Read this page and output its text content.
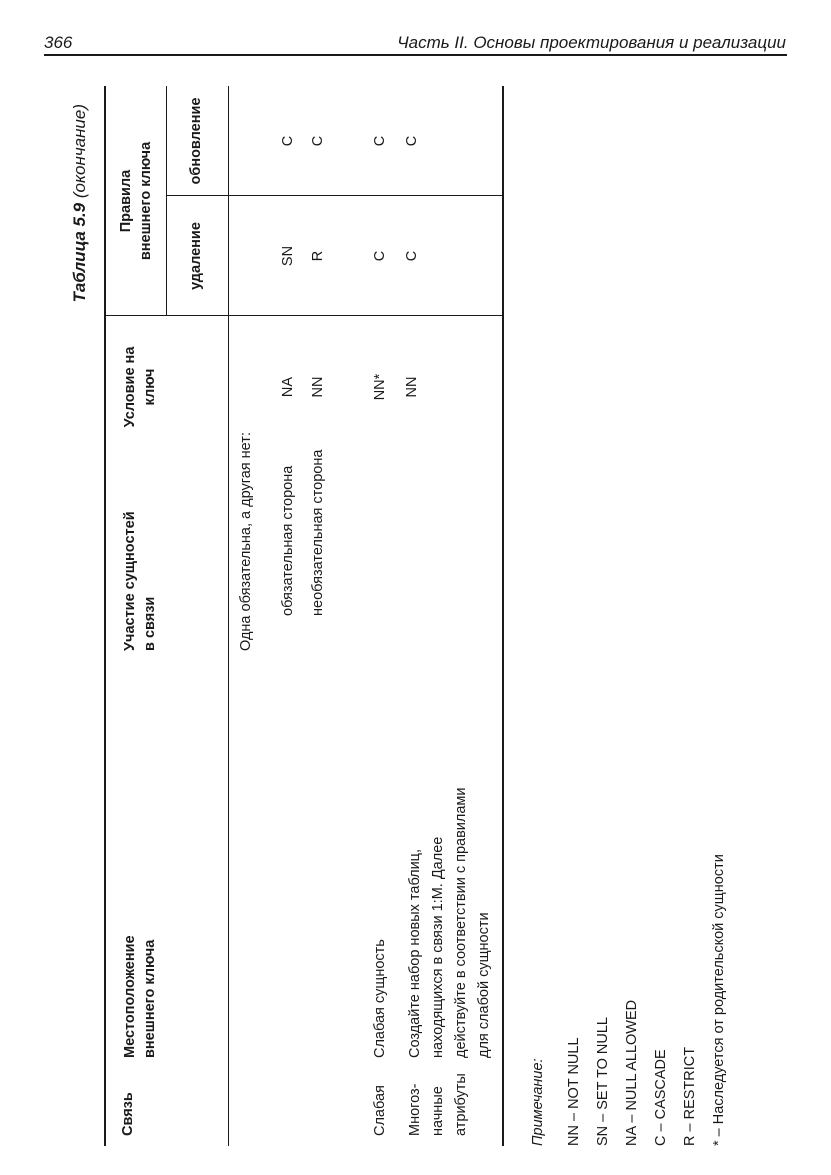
366	Часть II. Основы проектирования и реализации
Таблица 5.9 (окончание)
Связь
Местоположение внешнего ключа
Участие сущностей в связи
Условие на ключ
Правила внешнего ключа удаление
обновление
Одна обязательна, а другая нет: обязательная сторона
NA
SN
C
необязательная сторона
NN
R
C
Слабая
Слабая сущность
NN*
C
C
Многоз- начные атрибуты
Создайте набор новых таблиц, находящихся в связи 1:M. Далее действуйте в соответствии с правилами для слабой сущности
NN
C
C
Примечание:	NN – NOT NULL SN – SET TO NULL NA – NULL ALLOWED C – CASCADE R – RESTRICT * – Наследуется от родительской сущности
